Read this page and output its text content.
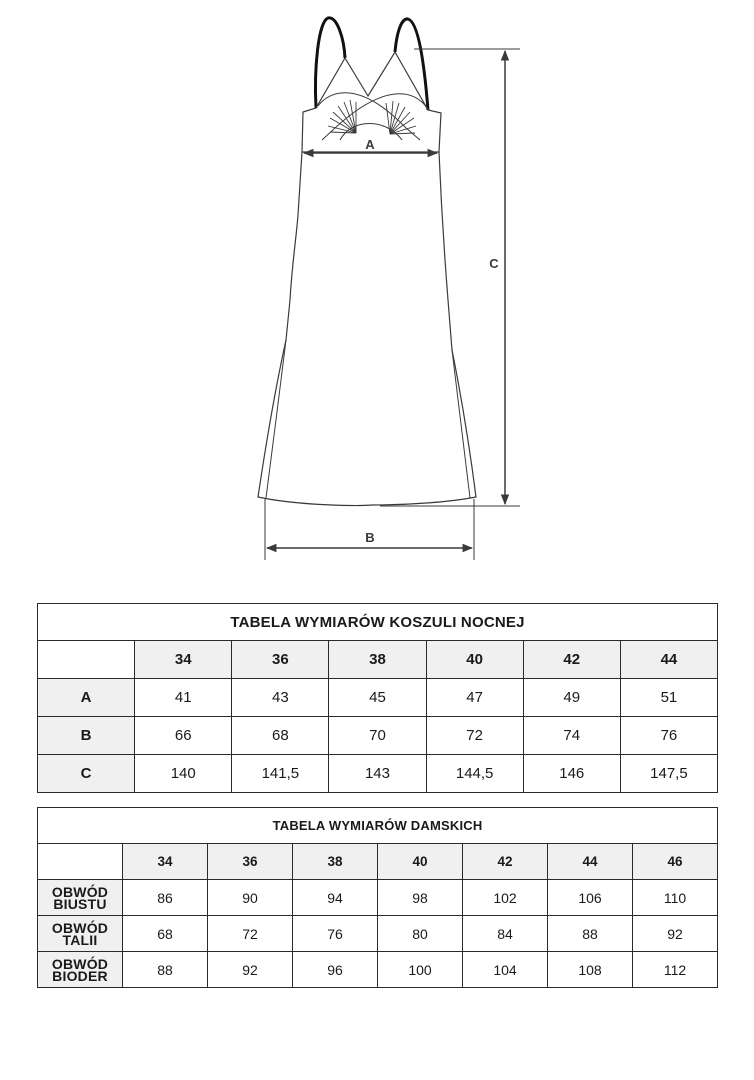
A
C
B
TABELA WYMIARÓW KOSZULI NOCNEJ						
	34	36	38	40	42	44
A	41	43	45	47	49	51
B	66	68	70	72	74	76
C	140	141,5	143	144,5	146	147,5
TABELA WYMIARÓW DAMSKICH							
	34	36	38	40	42	44	46
OBWÓD BIUSTU	86	90	94	98	102	106	110
OBWÓD TALII	68	72	76	80	84	88	92
OBWÓD BIODER	88	92	96	100	104	108	112
